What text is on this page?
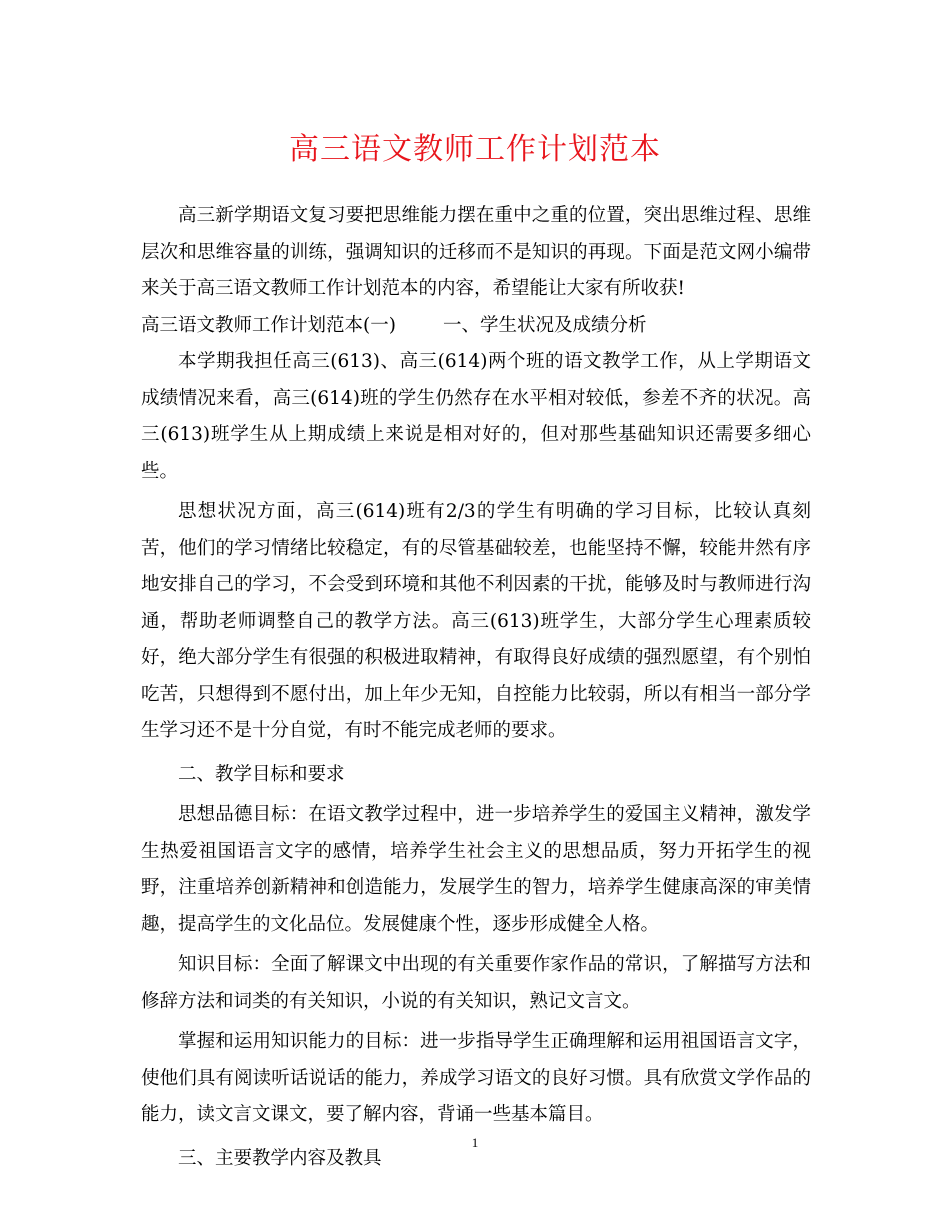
高三语文教师工作计划范本

高三新学期语文复习要把思维能力摆在重中之重的位置，突出思维过程、思维层次和思维容量的训练，强调知识的迁移而不是知识的再现。下面是范文网小编带来关于高三语文教师工作计划范本的内容，希望能让大家有所收获!

高三语文教师工作计划范本(一)	一、学生状况及成绩分析

本学期我担任高三(613)、高三(614)两个班的语文教学工作，从上学期语文成绩情况来看，高三(614)班的学生仍然存在水平相对较低，参差不齐的状况。高三(613)班学生从上期成绩上来说是相对好的，但对那些基础知识还需要多细心些。

思想状况方面，高三(614)班有2/3的学生有明确的学习目标，比较认真刻苦，他们的学习情绪比较稳定，有的尽管基础较差，也能坚持不懈，较能井然有序地安排自己的学习，不会受到环境和其他不利因素的干扰，能够及时与教师进行沟通，帮助老师调整自己的教学方法。高三(613)班学生，大部分学生心理素质较好，绝大部分学生有很强的积极进取精神，有取得良好成绩的强烈愿望，有个别怕吃苦，只想得到不愿付出，加上年少无知，自控能力比较弱，所以有相当一部分学生学习还不是十分自觉，有时不能完成老师的要求。

二、教学目标和要求

思想品德目标：在语文教学过程中，进一步培养学生的爱国主义精神，激发学生热爱祖国语言文字的感情，培养学生社会主义的思想品质，努力开拓学生的视野，注重培养创新精神和创造能力，发展学生的智力，培养学生健康高深的审美情趣，提高学生的文化品位。发展健康个性，逐步形成健全人格。

知识目标：全面了解课文中出现的有关重要作家作品的常识，了解描写方法和修辞方法和词类的有关知识，小说的有关知识，熟记文言文。

掌握和运用知识能力的目标：进一步指导学生正确理解和运用祖国语言文字，使他们具有阅读听话说话的能力，养成学习语文的良好习惯。具有欣赏文学作品的能力，读文言文课文，要了解内容，背诵一些基本篇目。

三、主要教学内容及教具

1
